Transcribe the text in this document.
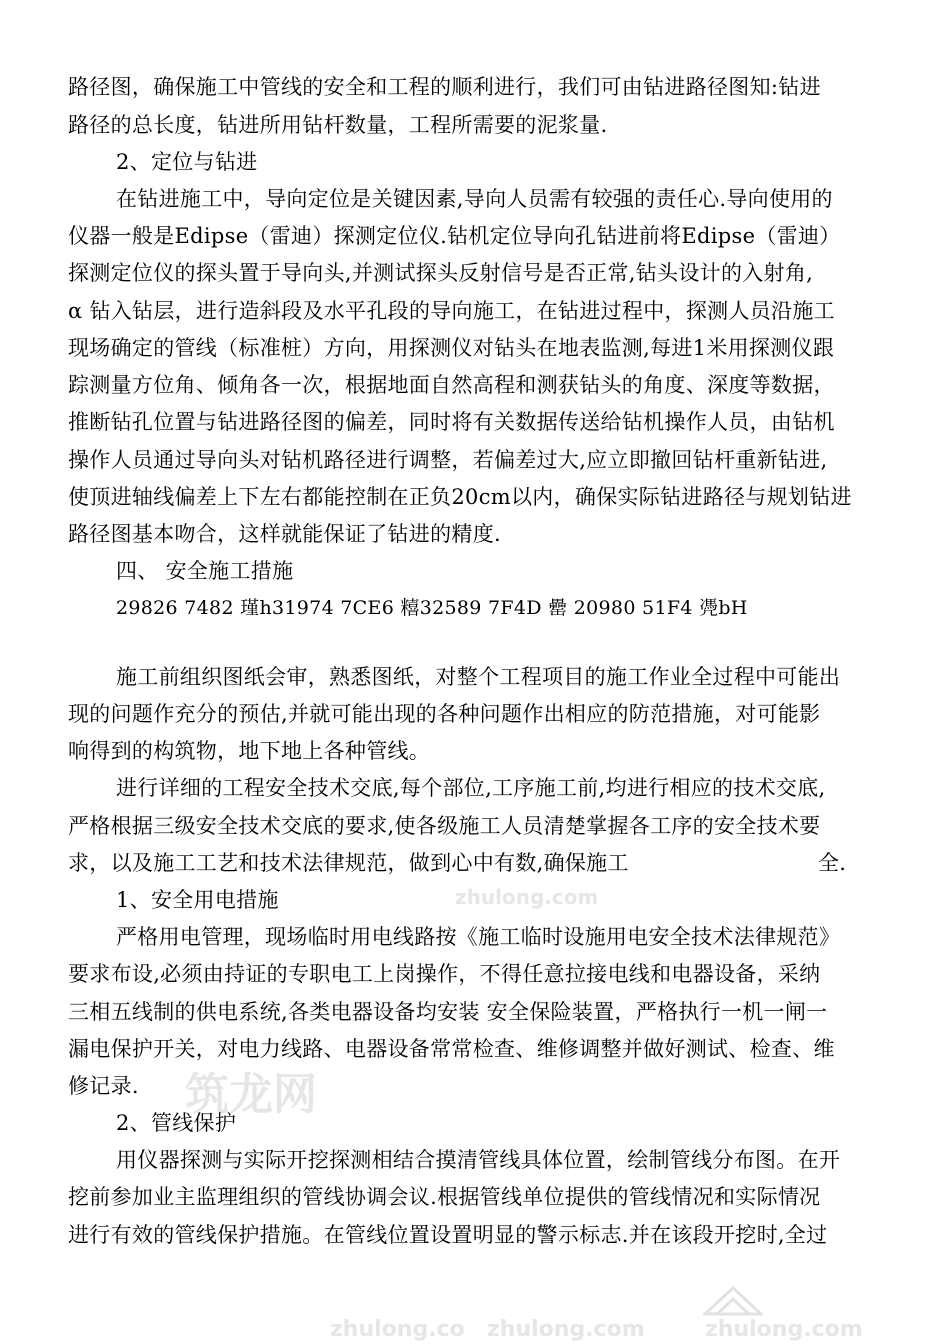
zhulong.com
筑龙网
zhulong.co zhulong.com	zhulong.com
路径图，确保施工中管线的安全和工程的顺利进行，我们可由钻进路径图知:钻进
路径的总长度，钻进所用钻杆数量，工程所需要的泥浆量.
2、定位与钻进
在钻进施工中，导向定位是关键因素,导向人员需有较强的责任心.导向使用的
仪器一般是Edipse（雷迪）探测定位仪.钻机定位导向孔钻进前将Edipse（雷迪）
探测定位仪的探头置于导向头,并测试探头反射信号是否正常,钻头设计的入射角,
α 钻入钻层，进行造斜段及水平孔段的导向施工，在钻进过程中，探测人员沿施工
现场确定的管线（标准桩）方向，用探测仪对钻头在地表监测,每进1米用探测仪跟
踪测量方位角、倾角各一次，根据地面自然高程和测获钻头的角度、深度等数据，
推断钻孔位置与钻进路径图的偏差，同时将有关数据传送给钻机操作人员，由钻机
操作人员通过导向头对钻机路径进行调整，若偏差过大,应立即撤回钻杆重新钻进,
使顶进轴线偏差上下左右都能控制在正负20cm以内，确保实际钻进路径与规划钻进
路径图基本吻合，这样就能保证了钻进的精度.
四、 安全施工措施
29826 7482 瑾h31974 7CE6 糦32589 7F4D 罍 20980 51F4 凴bH
施工前组织图纸会审，熟悉图纸，对整个工程项目的施工作业全过程中可能出
现的问题作充分的预估,并就可能出现的各种问题作出相应的防范措施，对可能影
响得到的构筑物，地下地上各种管线。
进行详细的工程安全技术交底,每个部位,工序施工前,均进行相应的技术交底,
严格根据三级安全技术交底的要求,使各级施工人员清楚掌握各工序的安全技术要
求，以及施工工艺和技术法律规范，做到心中有数,确保施工	全.
1、安全用电措施
严格用电管理，现场临时用电线路按《施工临时设施用电安全技术法律规范》
要求布设,必须由持证的专职电工上岗操作，不得任意拉接电线和电器设备，采纳
三相五线制的供电系统,各类电器设备均安装 安全保险装置，严格执行一机一闸一
漏电保护开关，对电力线路、电器设备常常检查、维修调整并做好测试、检查、维
修记录.
2、管线保护
用仪器探测与实际开挖探测相结合摸清管线具体位置，绘制管线分布图。在开
挖前参加业主监理组织的管线协调会议.根据管线单位提供的管线情况和实际情况
进行有效的管线保护措施。在管线位置设置明显的警示标志.并在该段开挖时,全过
